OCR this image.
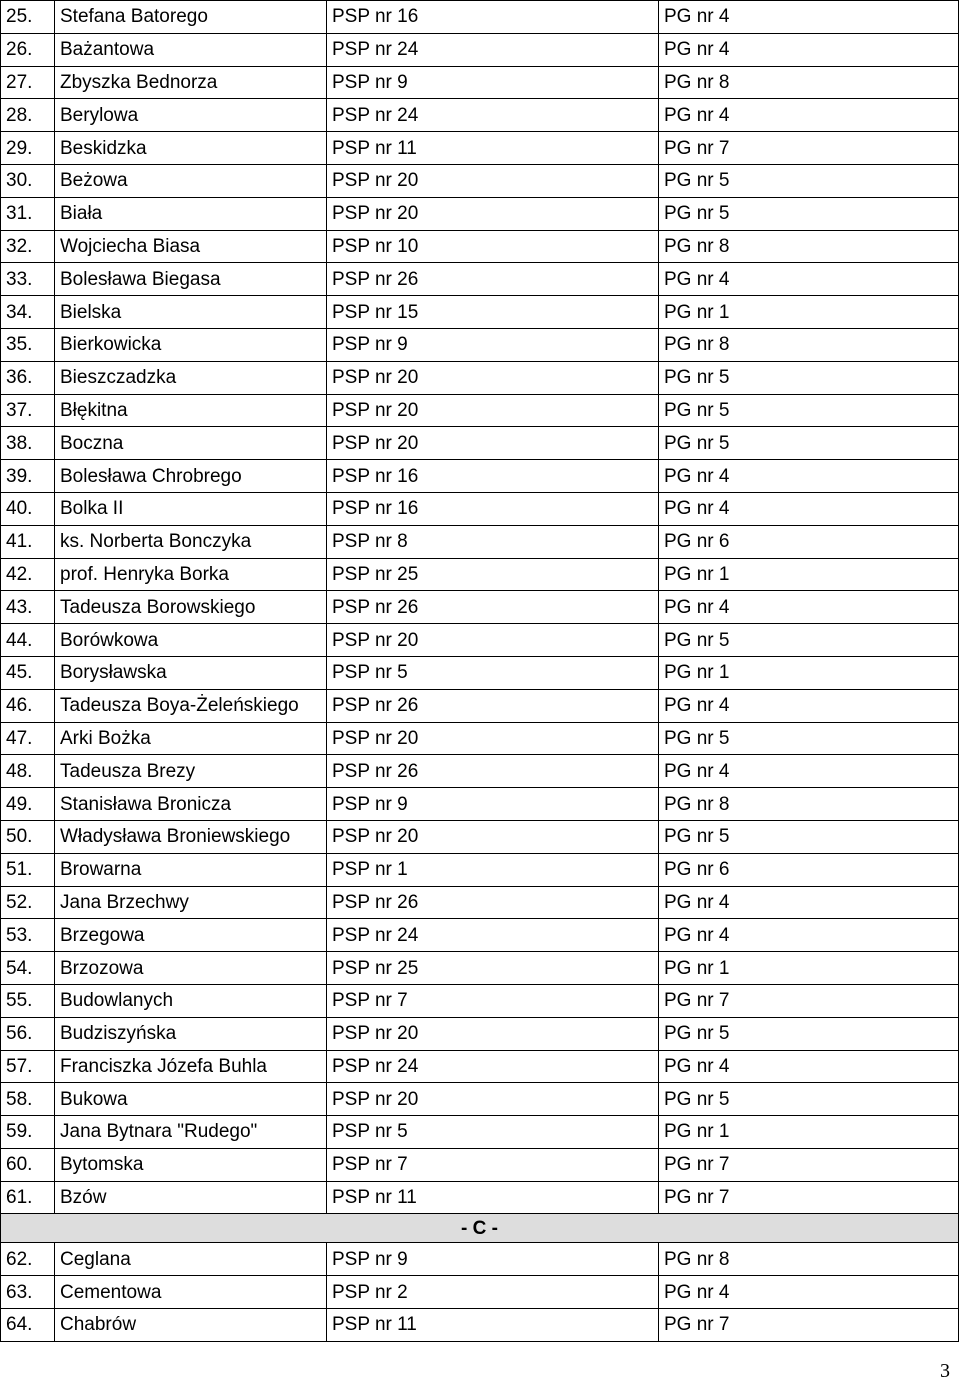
25.	Stefana Batorego	PSP nr 16	PG nr 4
26.	Bażantowa	PSP nr 24	PG nr 4
27.	Zbyszka Bednorza	PSP nr 9	PG nr 8
28.	Berylowa	PSP nr 24	PG nr 4
29.	Beskidzka	PSP nr 11	PG nr 7
30.	Beżowa	PSP nr 20	PG nr 5
31.	Biała	PSP nr 20	PG nr 5
32.	Wojciecha Biasa	PSP nr 10	PG nr 8
33.	Bolesława Biegasa	PSP nr 26	PG nr 4
34.	Bielska	PSP nr 15	PG nr 1
35.	Bierkowicka	PSP nr 9	PG nr 8
36.	Bieszczadzka	PSP nr 20	PG nr 5
37.	Błękitna	PSP nr 20	PG nr 5
38.	Boczna	PSP nr 20	PG nr 5
39.	Bolesława Chrobrego	PSP nr 16	PG nr 4
40.	Bolka II	PSP nr 16	PG nr 4
41.	ks. Norberta Bonczyka	PSP nr 8	PG nr 6
42.	prof. Henryka Borka	PSP nr 25	PG nr 1
43.	Tadeusza Borowskiego	PSP nr 26	PG nr 4
44.	Borówkowa	PSP nr 20	PG nr 5
45.	Borysławska	PSP nr 5	PG nr 1
46.	Tadeusza Boya-Żeleńskiego	PSP nr 26	PG nr 4
47.	Arki Bożka	PSP nr 20	PG nr 5
48.	Tadeusza Brezy	PSP nr 26	PG nr 4
49.	Stanisława Bronicza	PSP nr 9	PG nr 8
50.	Władysława Broniewskiego	PSP nr 20	PG nr 5
51.	Browarna	PSP nr 1	PG nr 6
52.	Jana Brzechwy	PSP nr 26	PG nr 4
53.	Brzegowa	PSP nr 24	PG nr 4
54.	Brzozowa	PSP nr 25	PG nr 1
55.	Budowlanych	PSP nr 7	PG nr 7
56.	Budziszyńska	PSP nr 20	PG nr 5
57.	Franciszka Józefa Buhla	PSP nr 24	PG nr 4
58.	Bukowa	PSP nr 20	PG nr 5
59.	Jana Bytnara "Rudego"	PSP nr 5	PG nr 1
60.	Bytomska	PSP nr 7	PG nr 7
61.	Bzów	PSP nr 11	PG nr 7
- C -			
62.	Ceglana	PSP nr 9	PG nr 8
63.	Cementowa	PSP nr 2	PG nr 4
64.	Chabrów	PSP nr 11	PG nr 7
3
